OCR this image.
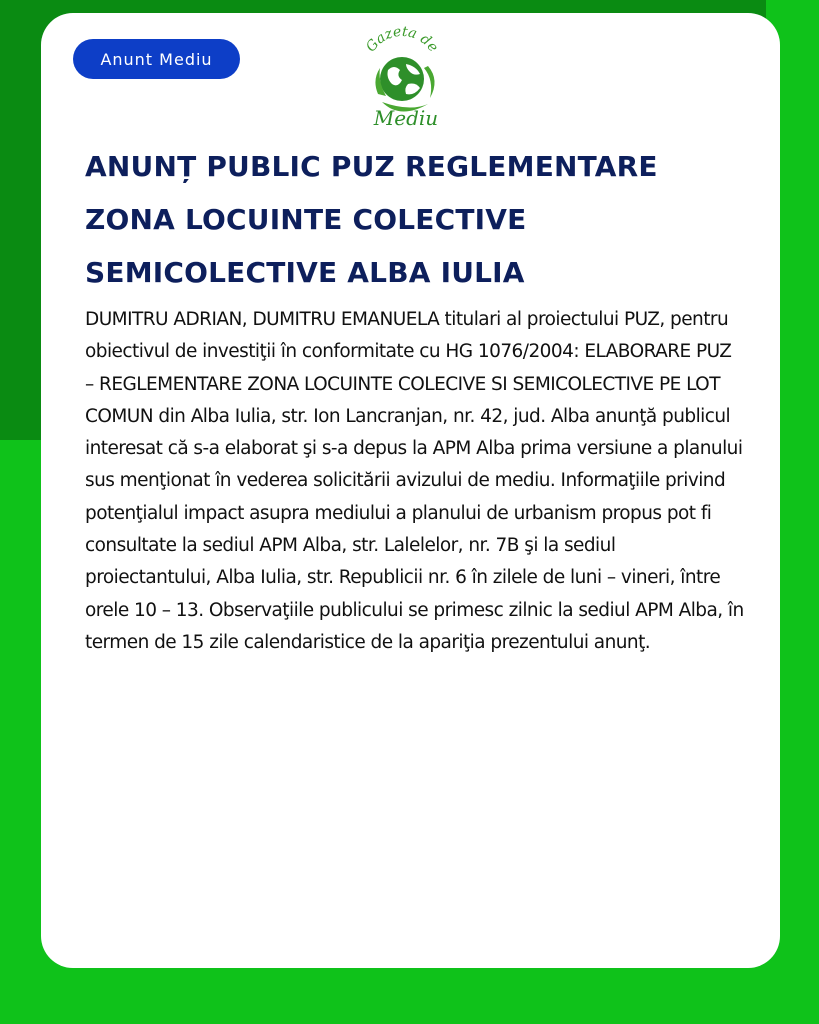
Anunt Mediu
Gazeta de
Mediu
ANUNȚ PUBLIC PUZ REGLEMENTARE ZONA LOCUINTE COLECTIVE SEMICOLECTIVE ALBA IULIA

DUMITRU ADRIAN, DUMITRU EMANUELA titulari al proiectului PUZ, pentru obiectivul de investiţii în conformitate cu HG 1076/2004: ELABORARE PUZ – REGLEMENTARE ZONA LOCUINTE COLECIVE SI SEMICOLECTIVE PE LOT COMUN din Alba Iulia, str. Ion Lancranjan, nr. 42, jud. Alba anunţă publicul interesat că s-a elaborat şi s-a depus la APM Alba prima versiune a planului sus menţionat în vederea solicitării avizului de mediu. Informaţiile privind potenţialul impact asupra mediului a planului de urbanism propus pot fi consultate la sediul APM Alba, str. Lalelelor, nr. 7B şi la sediul proiectantului, Alba Iulia, str. Republicii nr. 6 în zilele de luni – vineri, între orele 10 – 13. Observaţiile publicului se primesc zilnic la sediul APM Alba, în termen de 15 zile calendaristice de la apariţia prezentului anunţ.
